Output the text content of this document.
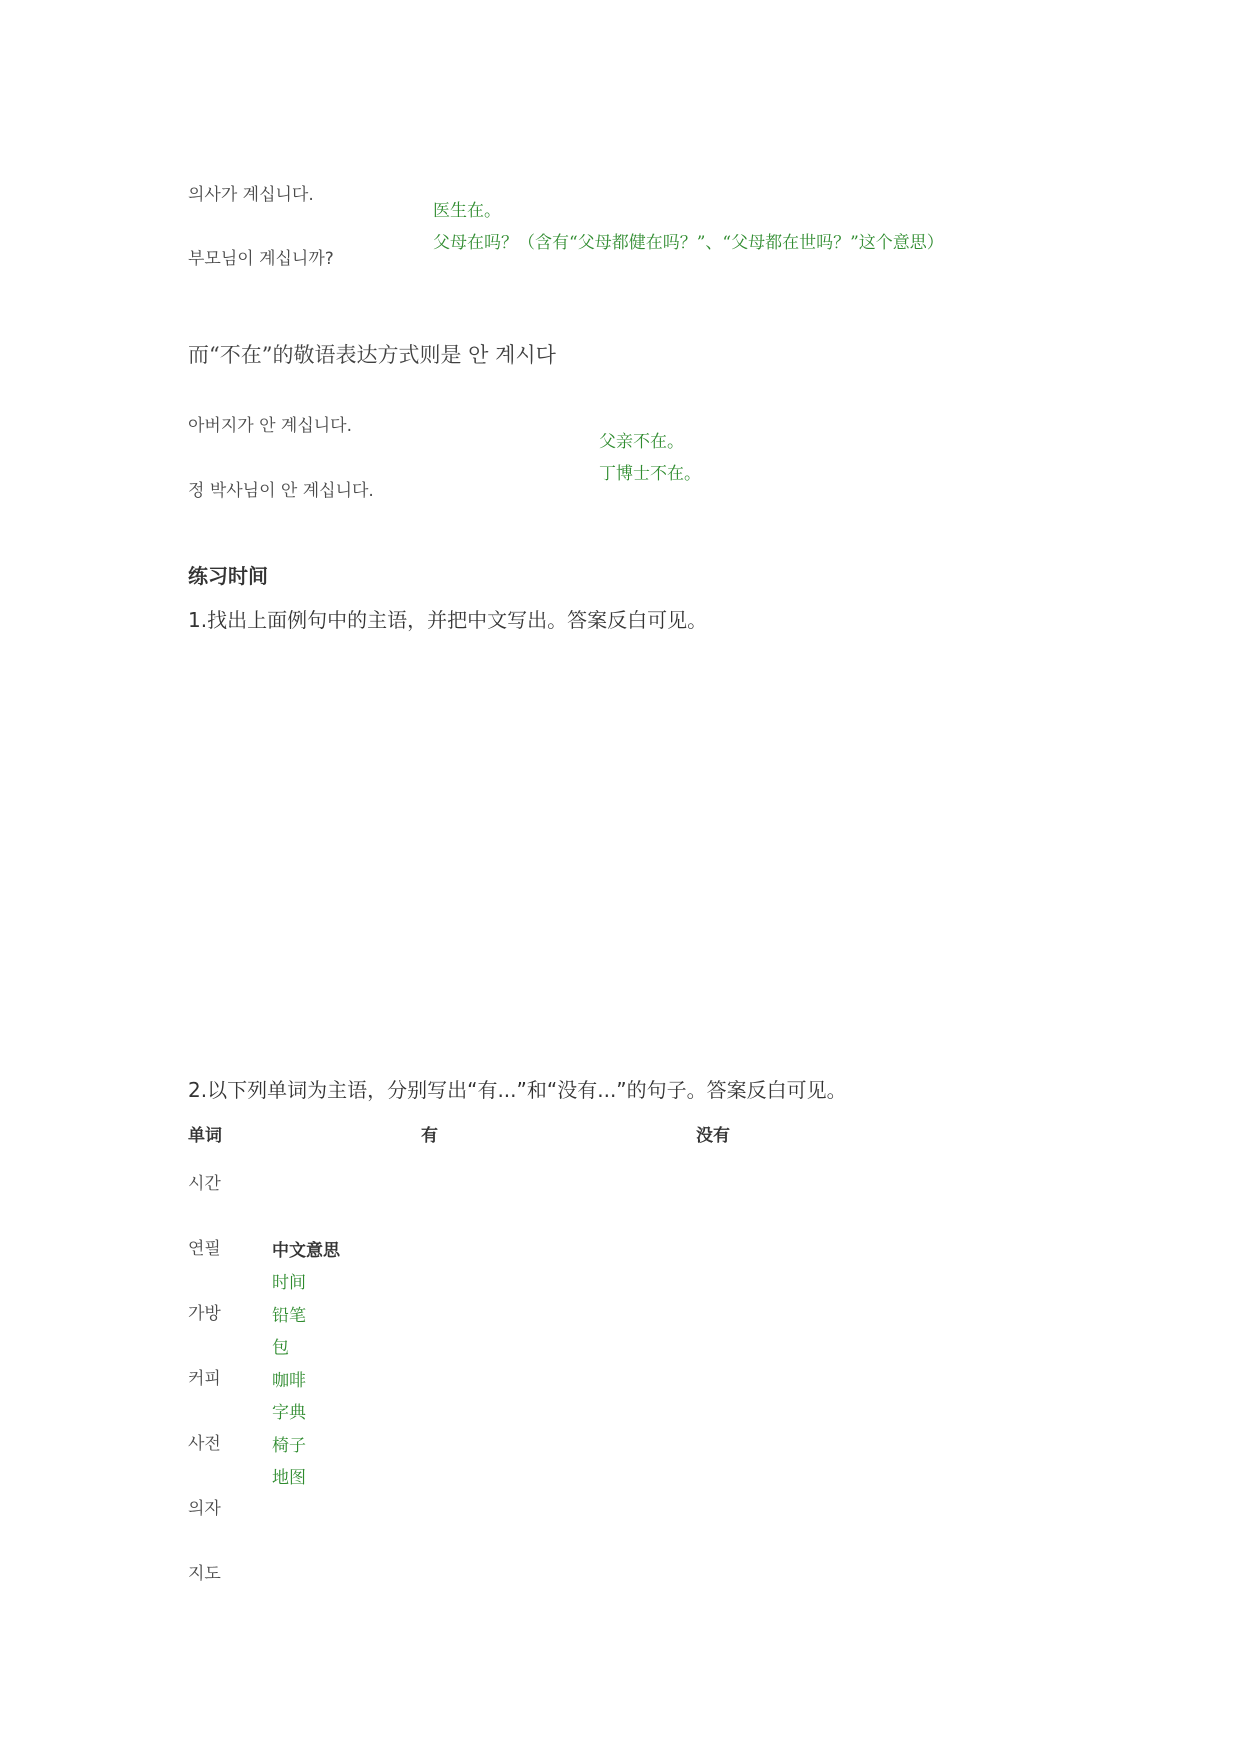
의사가 계십니다.
부모님이 계십니까?
医生在。
父母在吗？（含有“父母都健在吗？”、“父母都在世吗？”这个意思）
而“不在”的敬语表达方式则是 안 계시다
아버지가 안 계십니다.
정 박사님이 안 계십니다.
父亲不在。
丁博士不在。
练习时间
1.找出上面例句中的主语，并把中文写出。答案反白可见。
2.以下列单词为主语，分别写出“有...”和“没有...”的句子。答案反白可见。
单词	有	没有
시간
연필
가방
커피
사전
의자
지도
中文意思
时间
铅笔
包
咖啡
字典
椅子
地图
